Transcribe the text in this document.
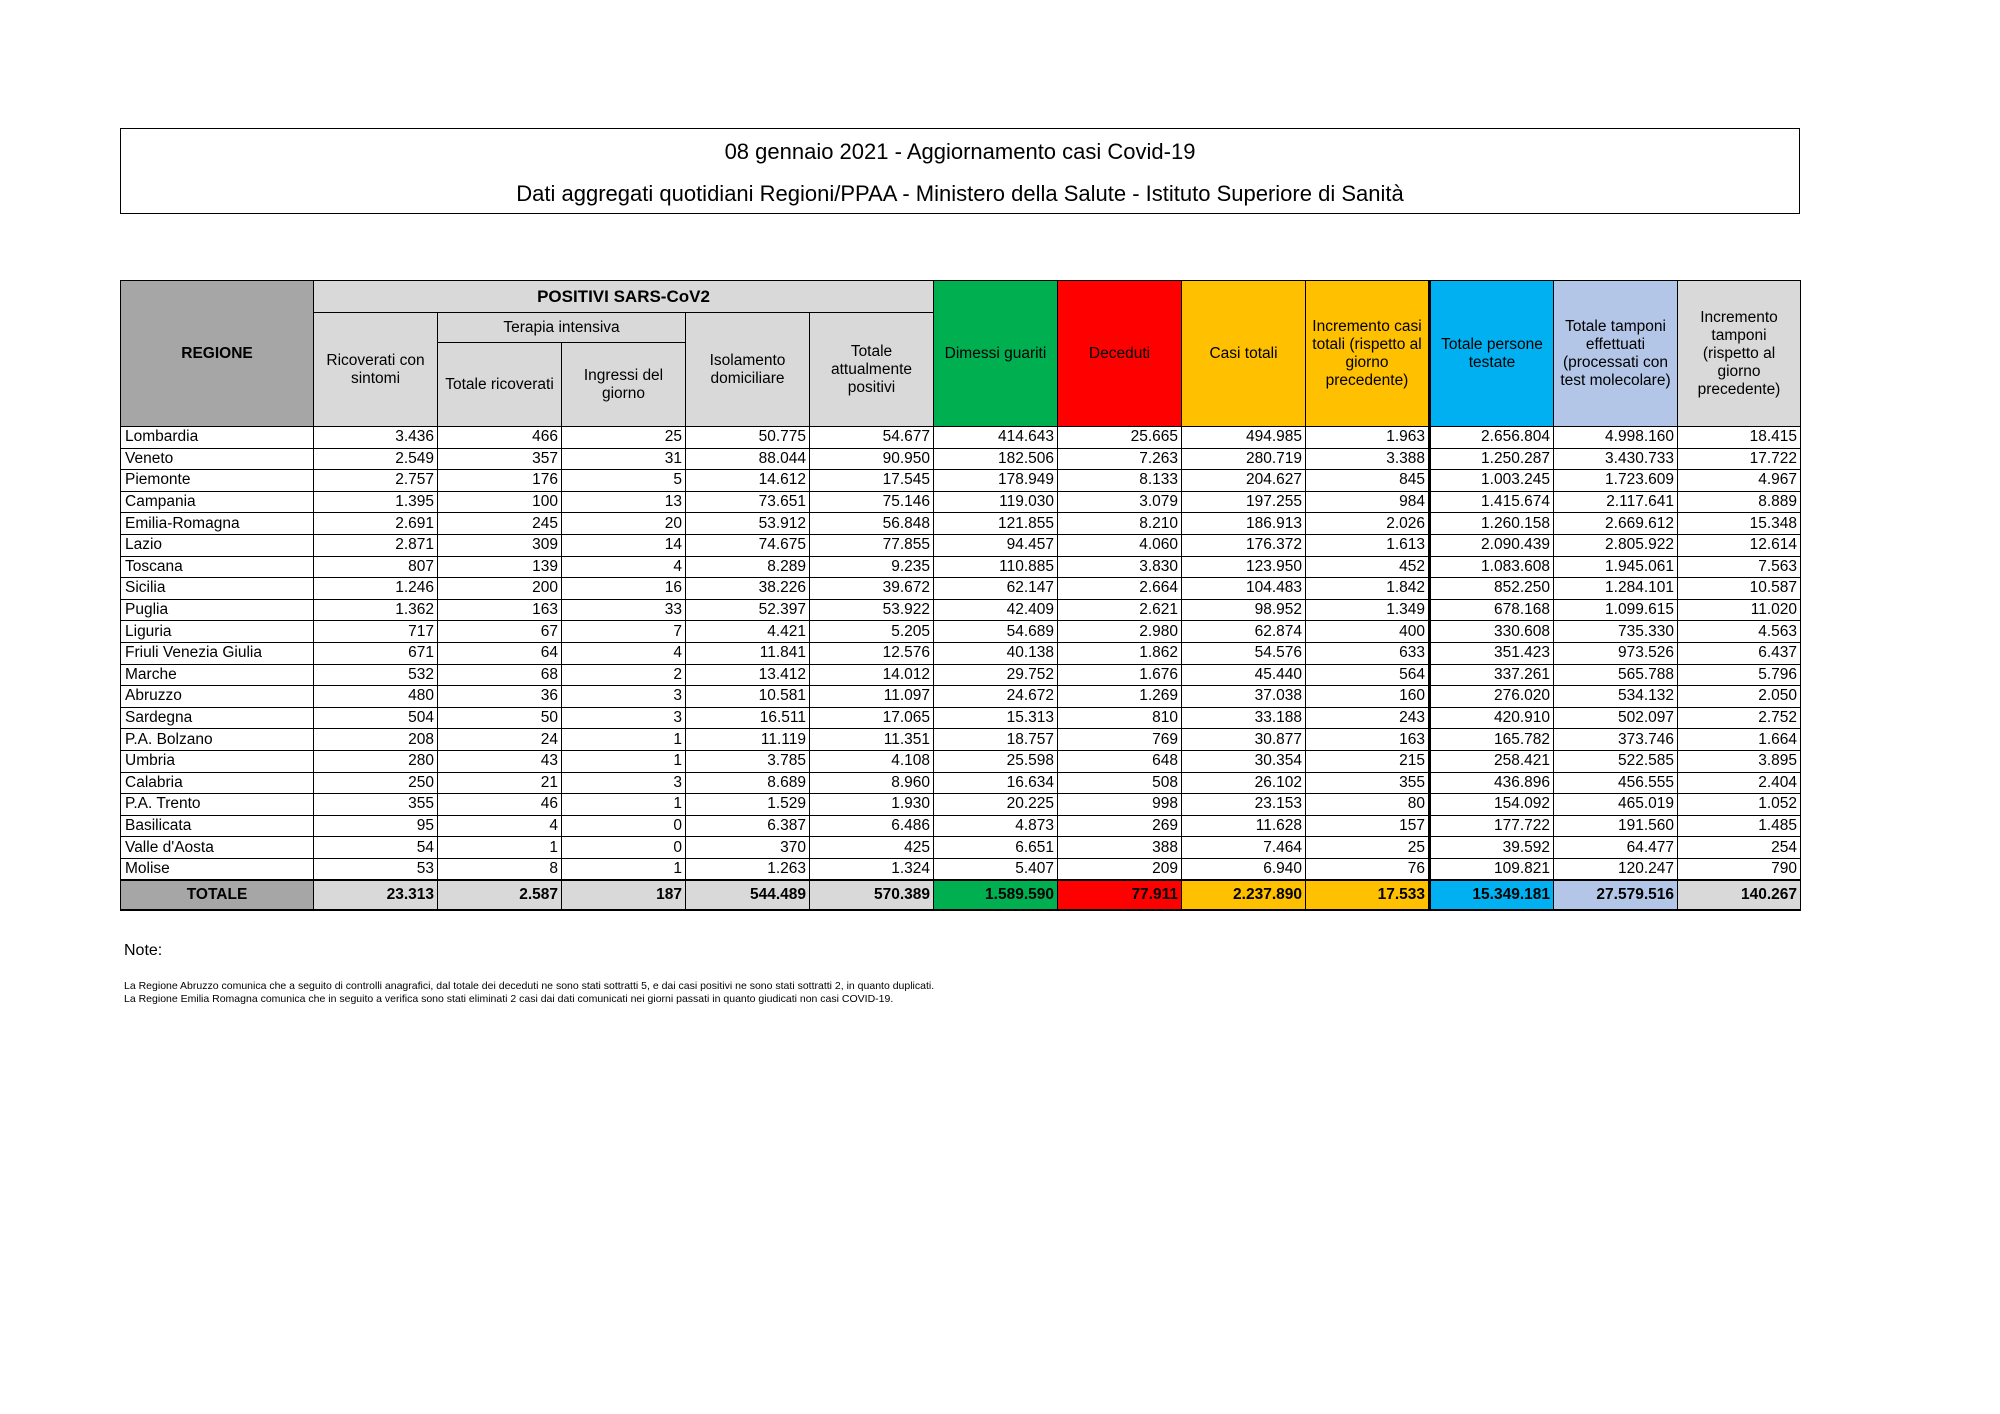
08 gennaio 2021 - Aggiornamento casi Covid-19
Dati aggregati quotidiani Regioni/PPAA - Ministero della Salute - Istituto Superiore di Sanità
REGIONE	POSITIVI SARS-CoV2					Dimessi guariti	Deceduti	Casi totali	Incremento casi totali (rispetto al giorno precedente)	Totale persone testate	Totale tamponi effettuati (processati con test molecolare)	Incremento tamponi (rispetto al giorno precedente)
	Ricoverati con sintomi	Terapia intensiva		Isolamento domiciliare	Totale attualmente positivi							
		Totale ricoverati	Ingressi del giorno									
Lombardia	3.436	466	25	50.775	54.677	414.643	25.665	494.985	1.963	2.656.804	4.998.160	18.415
Veneto	2.549	357	31	88.044	90.950	182.506	7.263	280.719	3.388	1.250.287	3.430.733	17.722
Piemonte	2.757	176	5	14.612	17.545	178.949	8.133	204.627	845	1.003.245	1.723.609	4.967
Campania	1.395	100	13	73.651	75.146	119.030	3.079	197.255	984	1.415.674	2.117.641	8.889
Emilia-Romagna	2.691	245	20	53.912	56.848	121.855	8.210	186.913	2.026	1.260.158	2.669.612	15.348
Lazio	2.871	309	14	74.675	77.855	94.457	4.060	176.372	1.613	2.090.439	2.805.922	12.614
Toscana	807	139	4	8.289	9.235	110.885	3.830	123.950	452	1.083.608	1.945.061	7.563
Sicilia	1.246	200	16	38.226	39.672	62.147	2.664	104.483	1.842	852.250	1.284.101	10.587
Puglia	1.362	163	33	52.397	53.922	42.409	2.621	98.952	1.349	678.168	1.099.615	11.020
Liguria	717	67	7	4.421	5.205	54.689	2.980	62.874	400	330.608	735.330	4.563
Friuli Venezia Giulia	671	64	4	11.841	12.576	40.138	1.862	54.576	633	351.423	973.526	6.437
Marche	532	68	2	13.412	14.012	29.752	1.676	45.440	564	337.261	565.788	5.796
Abruzzo	480	36	3	10.581	11.097	24.672	1.269	37.038	160	276.020	534.132	2.050
Sardegna	504	50	3	16.511	17.065	15.313	810	33.188	243	420.910	502.097	2.752
P.A. Bolzano	208	24	1	11.119	11.351	18.757	769	30.877	163	165.782	373.746	1.664
Umbria	280	43	1	3.785	4.108	25.598	648	30.354	215	258.421	522.585	3.895
Calabria	250	21	3	8.689	8.960	16.634	508	26.102	355	436.896	456.555	2.404
P.A. Trento	355	46	1	1.529	1.930	20.225	998	23.153	80	154.092	465.019	1.052
Basilicata	95	4	0	6.387	6.486	4.873	269	11.628	157	177.722	191.560	1.485
Valle d'Aosta	54	1	0	370	425	6.651	388	7.464	25	39.592	64.477	254
Molise	53	8	1	1.263	1.324	5.407	209	6.940	76	109.821	120.247	790
TOTALE	23.313	2.587	187	544.489	570.389	1.589.590	77.911	2.237.890	17.533	15.349.181	27.579.516	140.267
Note:
La Regione Abruzzo comunica che a seguito di controlli anagrafici, dal totale dei deceduti ne sono stati sottratti 5, e dai casi positivi ne sono stati sottratti 2, in quanto duplicati.
La Regione Emilia Romagna comunica che in seguito a verifica sono stati eliminati 2 casi dai dati comunicati nei giorni passati in quanto giudicati non casi COVID-19.
